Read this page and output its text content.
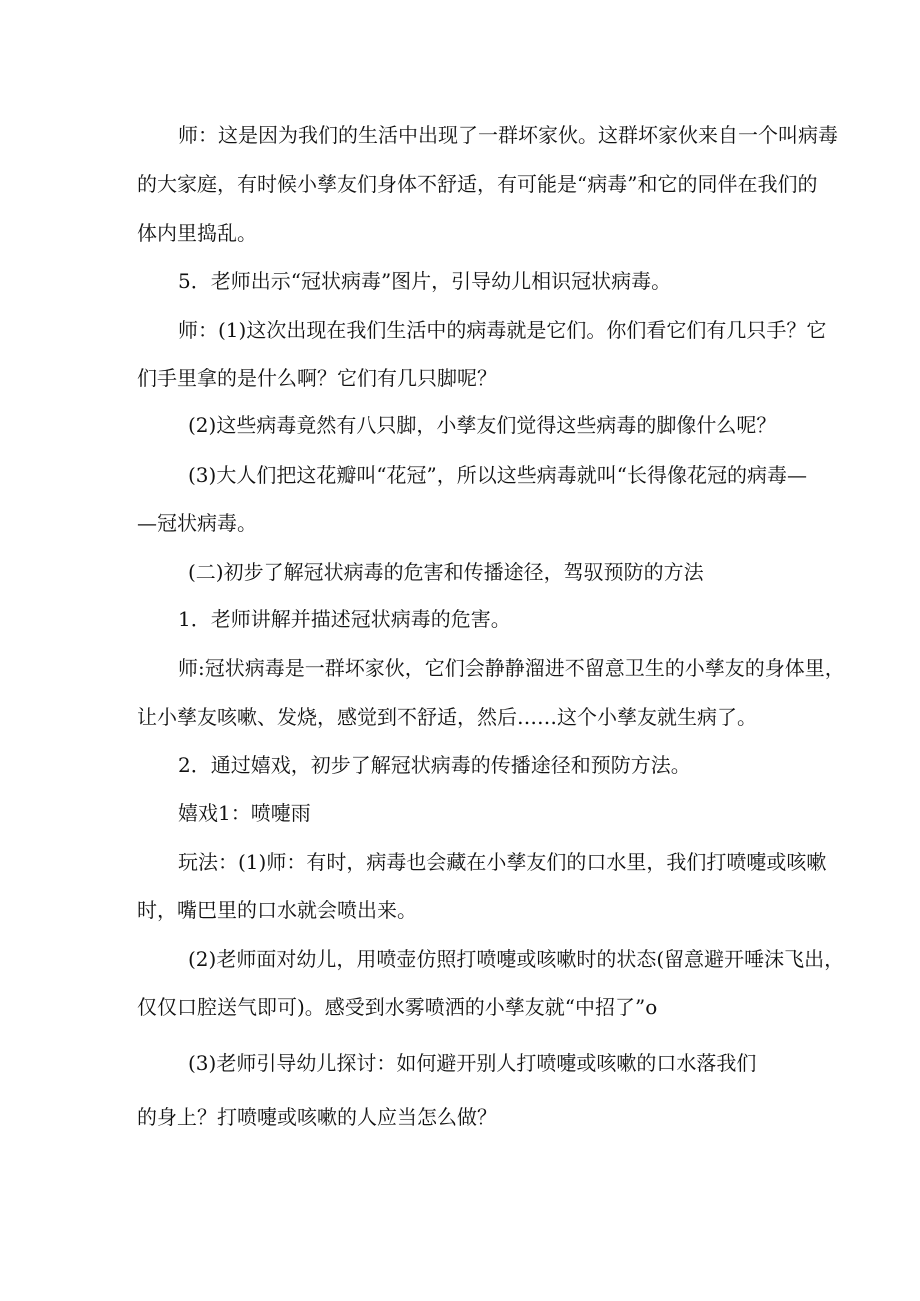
师：这是因为我们的生活中出现了一群坏家伙。这群坏家伙来自一个叫病毒

的大家庭，有时候小孳友们身体不舒适，有可能是“病毒”和它的同伴在我们的

体内里捣乱。

5．老师出示“冠状病毒”图片，引导幼儿相识冠状病毒。

师：(1)这次出现在我们生活中的病毒就是它们。你们看它们有几只手？它

们手里拿的是什么啊？它们有几只脚呢？

(2)这些病毒竟然有八只脚，小孳友们觉得这些病毒的脚像什么呢？

(3)大人们把这花瓣叫“花冠”，所以这些病毒就叫“长得像花冠的病毒—

—冠状病毒。

(二)初步了解冠状病毒的危害和传播途径，驾驭预防的方法

1．老师讲解并描述冠状病毒的危害。

师:冠状病毒是一群坏家伙，它们会静静溜进不留意卫生的小孳友的身体里，

让小孳友咳嗽、发烧，感觉到不舒适，然后……这个小孳友就生病了。

2．通过嬉戏，初步了解冠状病毒的传播途径和预防方法。

嬉戏1：喷嚏雨

玩法：(1)师：有时，病毒也会藏在小孳友们的口水里，我们打喷嚏或咳嗽

时，嘴巴里的口水就会喷出来。

(2)老师面对幼儿，用喷壶仿照打喷嚏或咳嗽时的状态(留意避开唾沫飞出，

仅仅口腔送气即可)。感受到水雾喷洒的小孳友就“中招了”o

(3)老师引导幼儿探讨：如何避开别人打喷嚏或咳嗽的口水落我们

的身上？打喷嚏或咳嗽的人应当怎么做？
